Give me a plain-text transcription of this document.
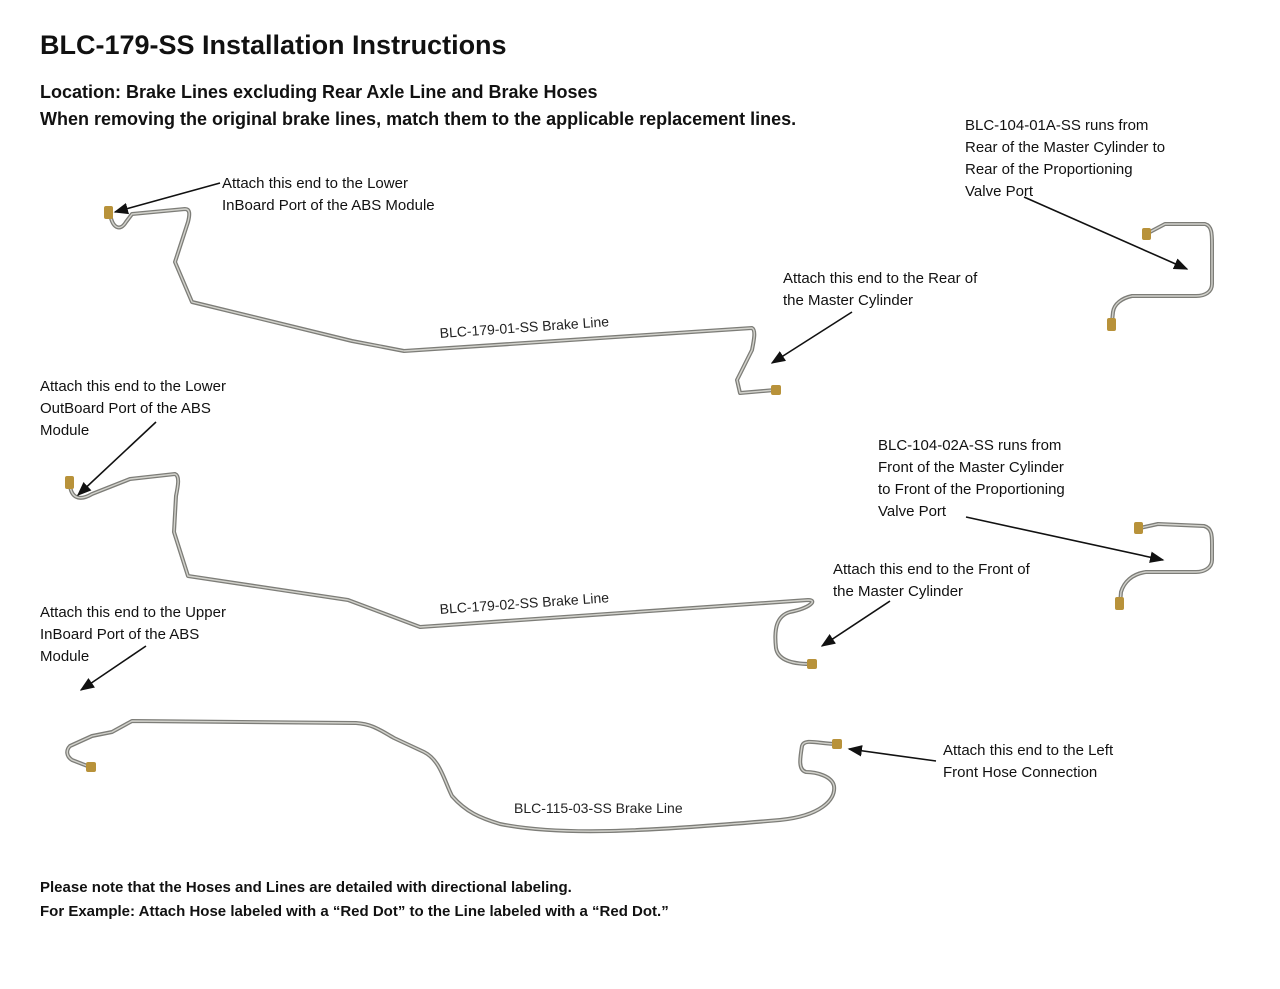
BLC-179-SS Installation Instructions
Location: Brake Lines excluding Rear Axle Line and Brake Hoses
When removing the original brake lines, match them to the applicable replacement lines.
BLC-179-01-SS Brake Line
BLC-179-02-SS Brake Line
BLC-115-03-SS Brake Line
Attach this end to the Lower
InBoard Port of the ABS Module
Attach this end to the Rear of
the Master Cylinder
Attach this end to the Lower
OutBoard Port of the ABS
Module
Attach this end to the Front of
the Master Cylinder
Attach this end to the Upper
InBoard Port of the ABS
Module
Attach this end to the Left
Front Hose Connection
BLC-104-01A-SS runs from
Rear of the Master Cylinder to
Rear of the Proportioning
Valve Port
BLC-104-02A-SS runs from
Front of the Master Cylinder
to Front of the Proportioning
Valve Port
Please note that the Hoses and Lines are detailed with directional labeling.
For Example: Attach Hose labeled with a “Red Dot” to the Line labeled with a “Red Dot.”
